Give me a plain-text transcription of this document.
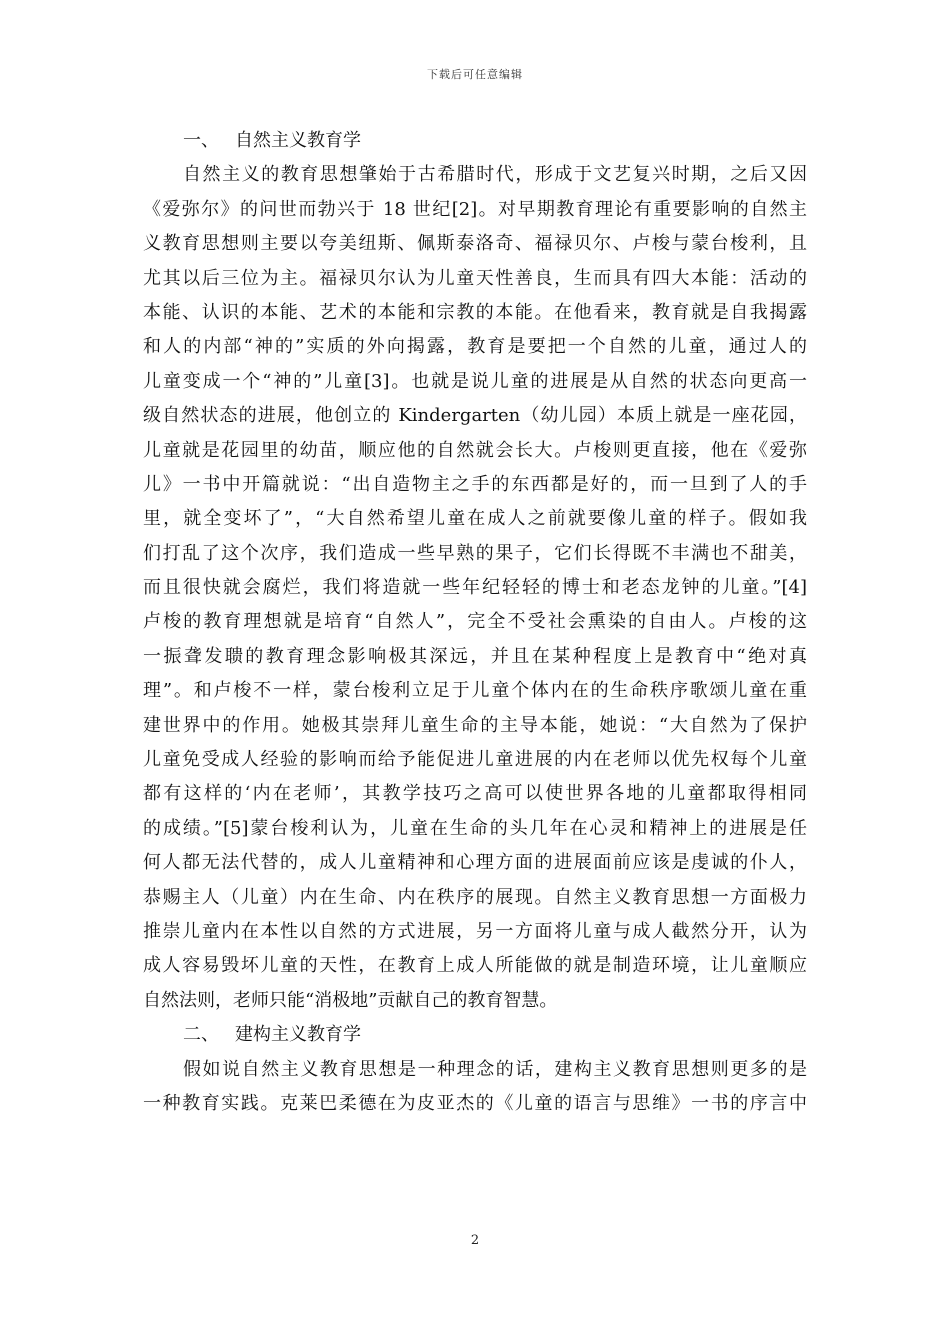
下载后可任意编辑
一、 自然主义教育学
自然主义的教育思想肇始于古希腊时代，形成于文艺复兴时期，之后又因
《爱弥尔》的问世而勃兴于 18 世纪[2]。对早期教育理论有重要影响的自然主
义教育思想则主要以夸美纽斯、佩斯泰洛奇、福禄贝尔、卢梭与蒙台梭利，且
尤其以后三位为主。福禄贝尔认为儿童天性善良，生而具有四大本能：活动的
本能、认识的本能、艺术的本能和宗教的本能。在他看来，教育就是自我揭露
和人的内部“神的”实质的外向揭露，教育是要把一个自然的儿童，通过人的
儿童变成一个“神的”儿童[3]。也就是说儿童的进展是从自然的状态向更高一
级自然状态的进展，他创立的 Kindergarten（幼儿园）本质上就是一座花园，
儿童就是花园里的幼苗，顺应他的自然就会长大。卢梭则更直接，他在《爱弥
儿》一书中开篇就说：“出自造物主之手的东西都是好的，而一旦到了人的手
里，就全变坏了”，“大自然希望儿童在成人之前就要像儿童的样子。假如我
们打乱了这个次序，我们造成一些早熟的果子，它们长得既不丰满也不甜美，
而且很快就会腐烂，我们将造就一些年纪轻轻的博士和老态龙钟的儿童。”[4]
卢梭的教育理想就是培育“自然人”，完全不受社会熏染的自由人。卢梭的这
一振聋发聩的教育理念影响极其深远，并且在某种程度上是教育中“绝对真
理”。和卢梭不一样，蒙台梭利立足于儿童个体内在的生命秩序歌颂儿童在重
建世界中的作用。她极其崇拜儿童生命的主导本能，她说：“大自然为了保护
儿童免受成人经验的影响而给予能促进儿童进展的内在老师以优先权每个儿童
都有这样的‘内在老师’，其教学技巧之高可以使世界各地的儿童都取得相同
的成绩。”[5]蒙台梭利认为，儿童在生命的头几年在心灵和精神上的进展是任
何人都无法代替的，成人儿童精神和心理方面的进展面前应该是虔诚的仆人，
恭赐主人（儿童）内在生命、内在秩序的展现。自然主义教育思想一方面极力
推崇儿童内在本性以自然的方式进展，另一方面将儿童与成人截然分开，认为
成人容易毁坏儿童的天性，在教育上成人所能做的就是制造环境，让儿童顺应
自然法则，老师只能“消极地”贡献自己的教育智慧。
二、 建构主义教育学
假如说自然主义教育思想是一种理念的话，建构主义教育思想则更多的是
一种教育实践。克莱巴柔德在为皮亚杰的《儿童的语言与思维》一书的序言中
2
